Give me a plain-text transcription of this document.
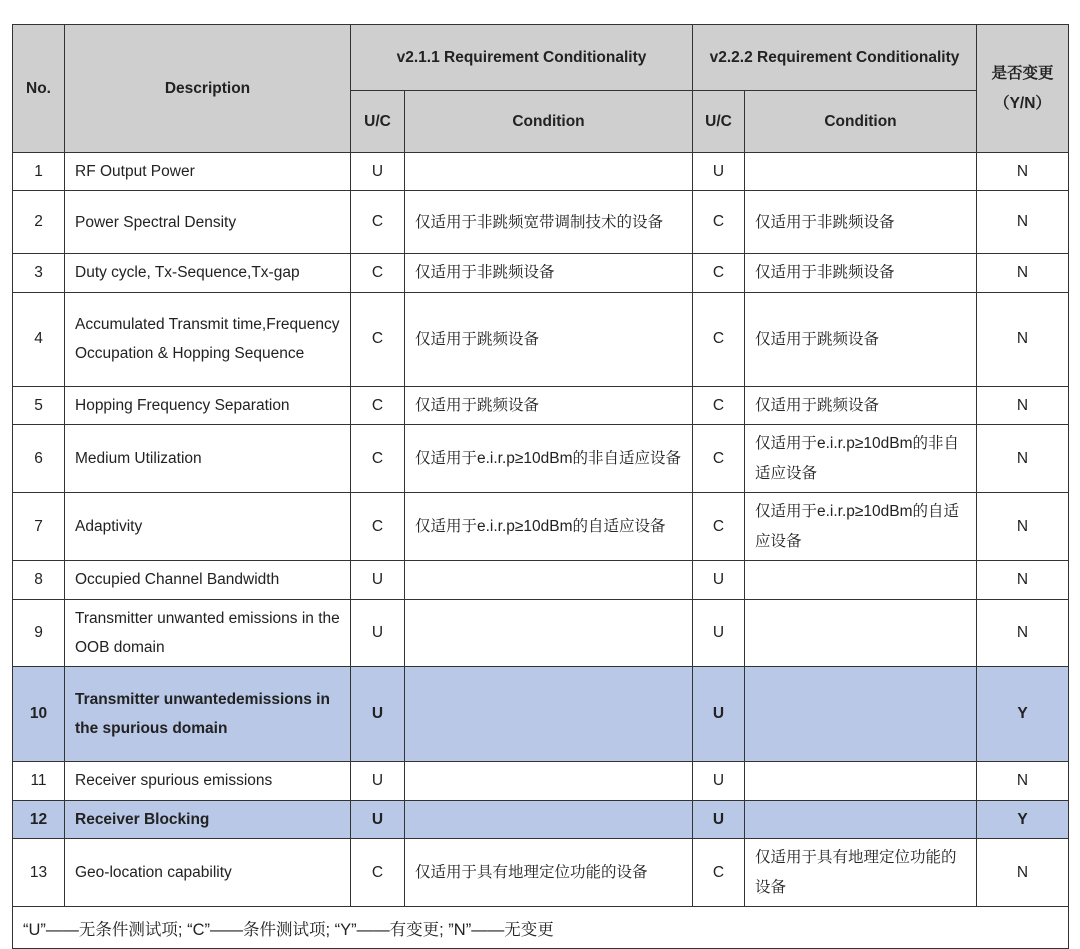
No.	Description	v2.1.1 Requirement Conditionality		v2.2.2 Requirement Conditionality		是否变更
（Y/N）

		U/C	Condition	U/C	Condition	
1	RF Output Power	U		U		N
2	Power Spectral Density	C	仅适用于非跳频宽带调制技术的设备	C	仅适用于非跳频设备	N
3	Duty cycle, Tx-Sequence,Tx-gap	C	仅适用于非跳频设备	C	仅适用于非跳频设备	N
4	Accumulated Transmit time,Frequency Occupation & Hopping Sequence	C	仅适用于跳频设备	C	仅适用于跳频设备	N
5	Hopping Frequency Separation	C	仅适用于跳频设备	C	仅适用于跳频设备	N
6	Medium Utilization	C	仅适用于e.i.r.p≥10dBm的非自适应设备	C	仅适用于e.i.r.p≥10dBm的非自适应设备	N
7	Adaptivity	C	仅适用于e.i.r.p≥10dBm的自适应设备	C	仅适用于e.i.r.p≥10dBm的自适应设备	N
8	Occupied Channel Bandwidth	U		U		N
9	Transmitter unwanted emissions in the OOB domain	U		U		N
10	Transmitter unwantedemissions in the spurious domain	U		U		Y
11	Receiver spurious emissions	U		U		N
12	Receiver Blocking	U		U		Y
13	Geo-location capability	C	仅适用于具有地理定位功能的设备	C	仅适用于具有地理定位功能的设备	N
“U”——无条件测试项; “C”——条件测试项; “Y”——有变更; ”N”——无变更						
